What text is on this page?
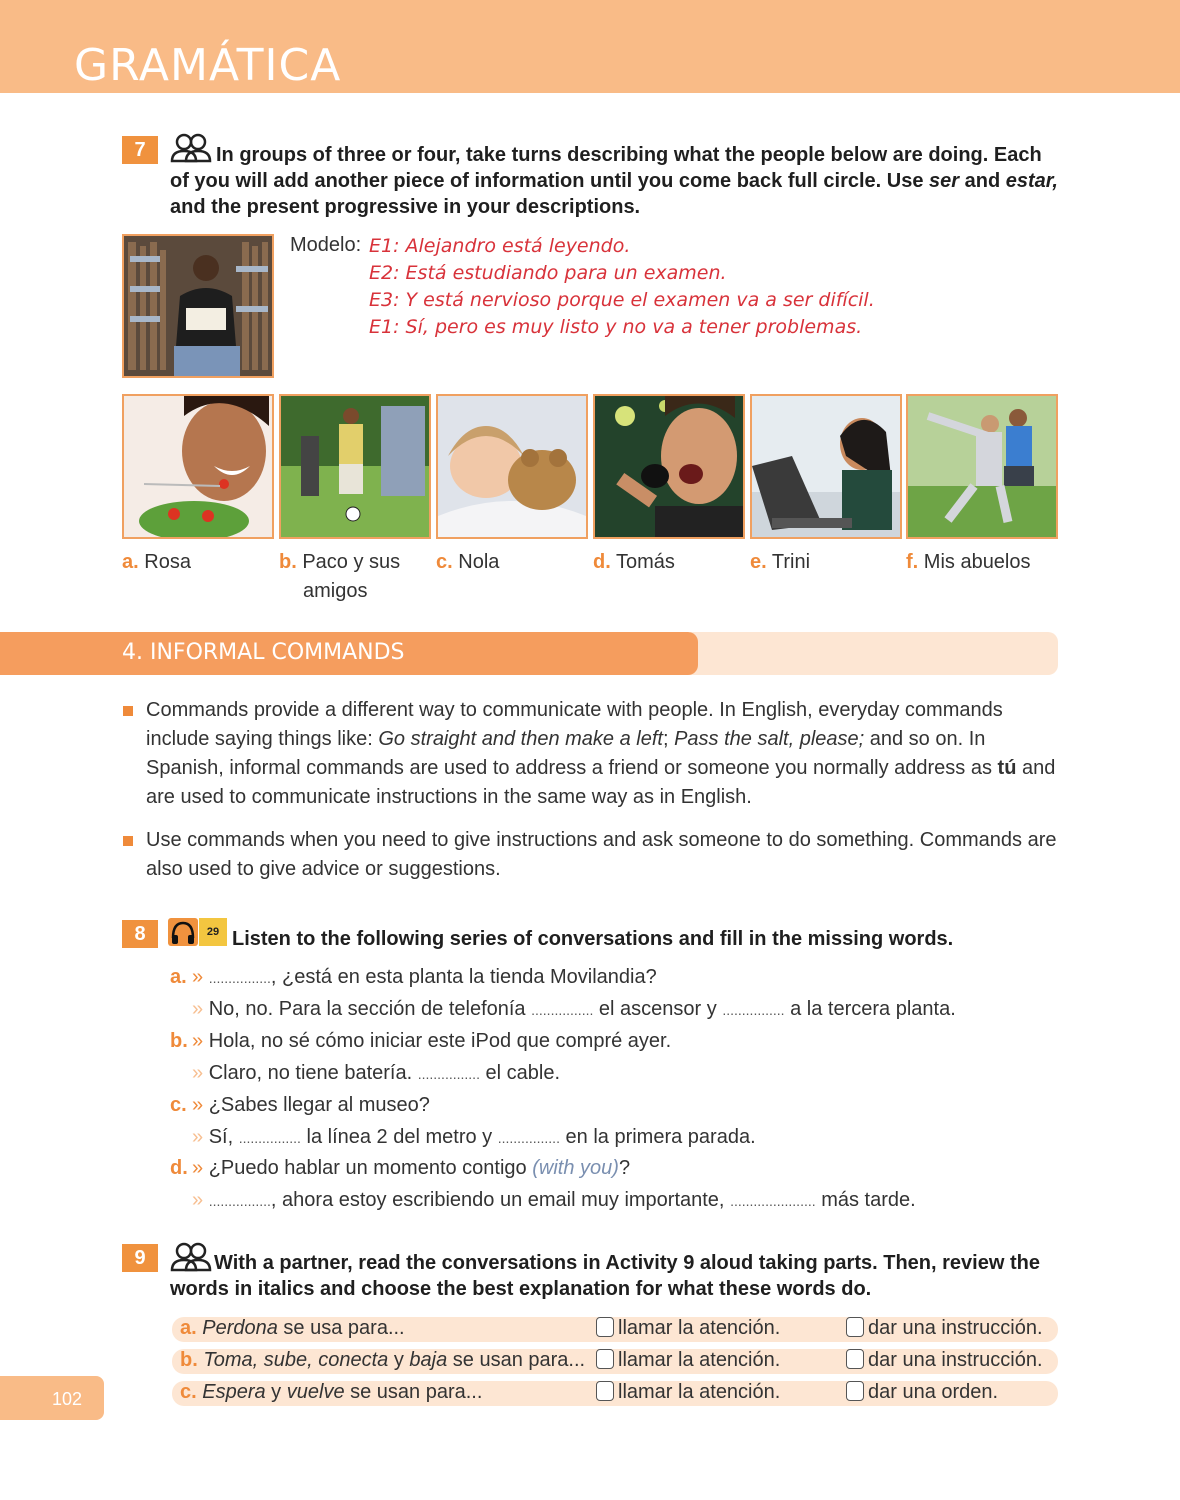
GRAMÁTICA
7	In groups of three or four, take turns describing what the people below are doing. Each
of you will add another piece of information until you come back full circle. Use ser and estar,
and the present progressive in your descriptions.
Modelo: E1: Alejandro está leyendo.
E2: Está estudiando para un examen.
E3: Y está nervioso porque el examen va a ser difícil.
E1: Sí, pero es muy listo y no va a tener problemas.
a. Rosa	b. Paco y sus
amigos
c. Nola	d. Tomás	e. Trini	f. Mis abuelos
4. INFORMAL COMMANDS
Commands provide a different way to communicate with people. In English, everyday commands include saying things like: Go straight and then make a left; Pass the salt, please; and so on. In Spanish, informal commands are used to address a friend or someone you normally address as tú and are used to communicate instructions in the same way as in English.
Use commands when you need to give instructions and ask someone to do something. Commands are also used to give advice or suggestions.
8	29 Listen to the following series of conversations and fill in the missing words.
a. » ................, ¿está en esta planta la tienda Movilandia?
» No, no. Para la sección de telefonía ................ el ascensor y ................ a la tercera planta.
b. » Hola, no sé cómo iniciar este iPod que compré ayer.
» Claro, no tiene batería. ................ el cable.
c. » ¿Sabes llegar al museo?
» Sí, ................ la línea 2 del metro y ................ en la primera parada.
d. » ¿Puedo hablar un momento contigo (with you)?
» ................, ahora estoy escribiendo un email muy importante, ...................... más tarde.
9	With a partner, read the conversations in Activity 9 aloud taking parts. Then, review the
words in italics and choose the best explanation for what these words do.
a. Perdona se usa para...	llamar la atención.	dar una instrucción.
b. Toma, sube, conecta y baja se usan para...	llamar la atención.	dar una instrucción.
c. Espera y vuelve se usan para...	llamar la atención.	dar una orden.
102
